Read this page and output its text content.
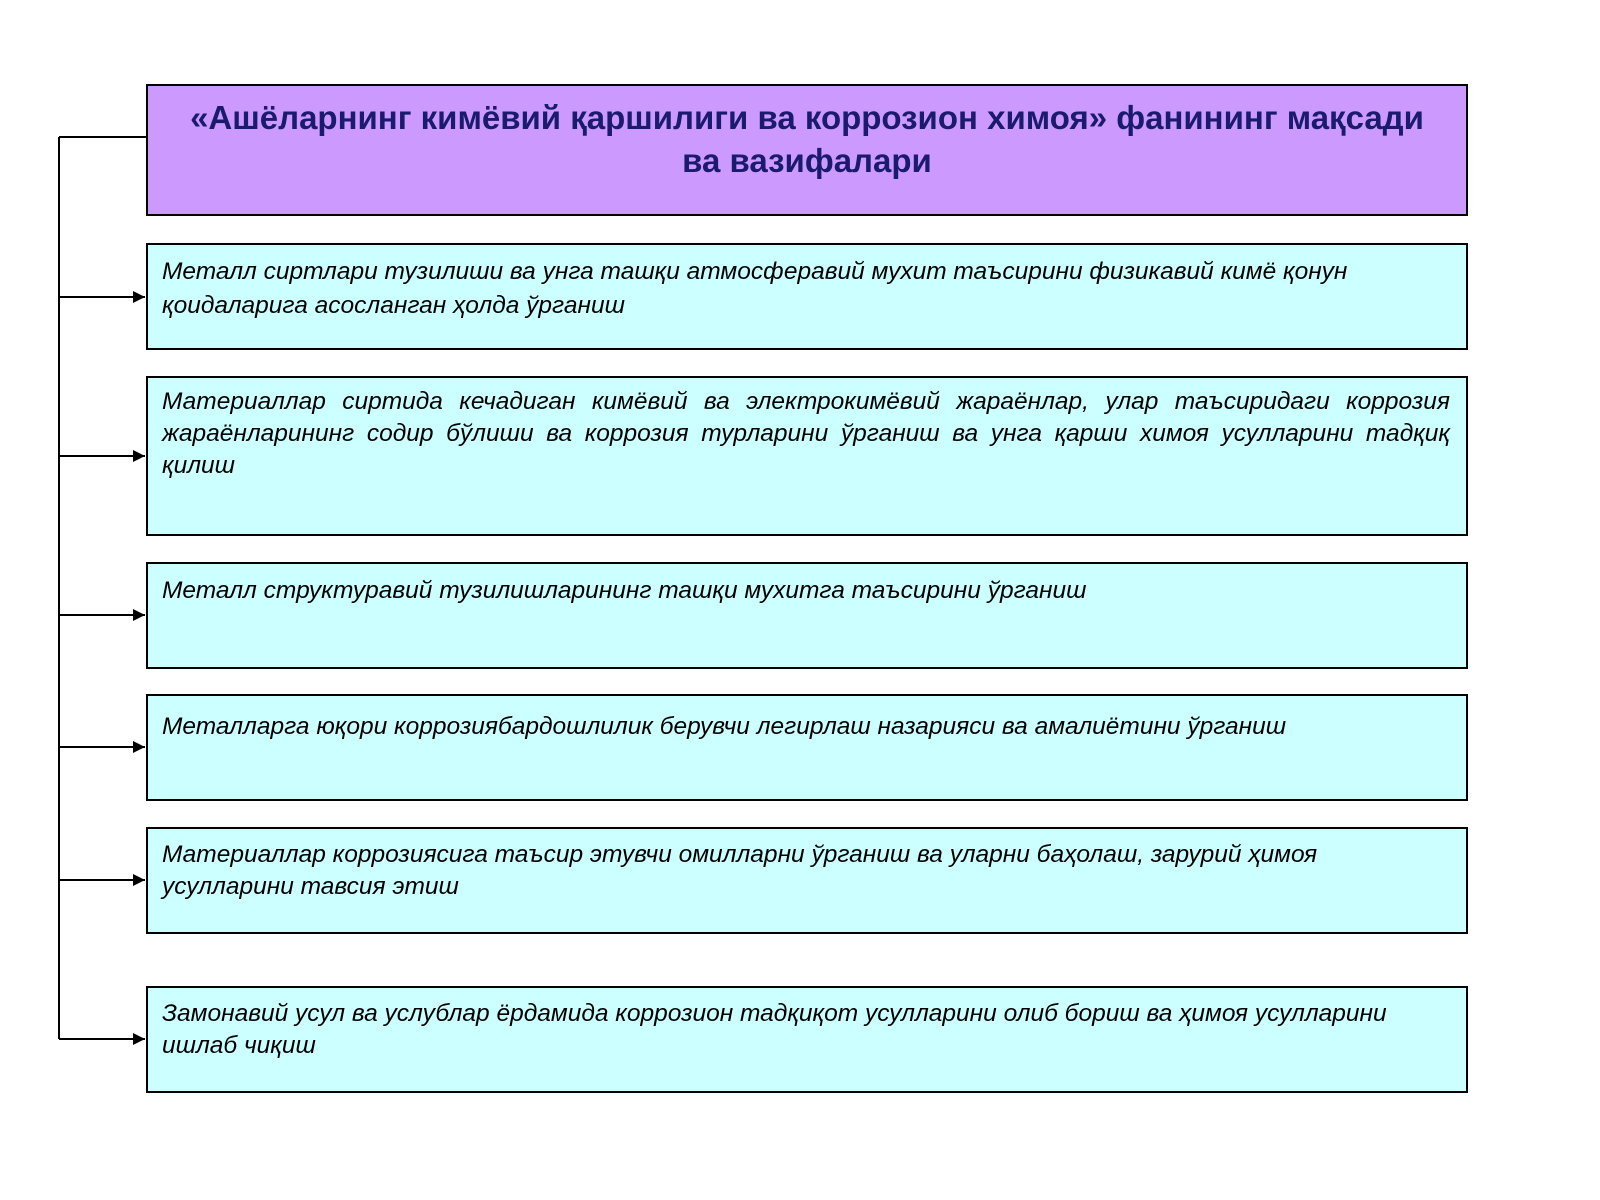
«Ашёларнинг кимёвий қаршилиги ва коррозион химоя» фанининг мақсади ва вазифалари
Металл сиртлари тузилиши ва унга ташқи атмосферавий мухит таъсирини физикавий кимё қонун қоидаларига асосланган ҳолда ўрганиш
Материаллар сиртида кечадиган кимёвий ва электрокимёвий жараёнлар, улар таъсиридаги коррозия жараёнларининг содир бўлиши ва коррозия турларини ўрганиш ва унга қарши химоя усулларини тадқиқ қилиш
Металл структуравий тузилишларининг ташқи мухитга таъсирини ўрганиш
Металларга юқори коррозиябардошлилик берувчи легирлаш назарияси ва амалиётини ўрганиш
Материаллар коррозиясига таъсир этувчи омилларни ўрганиш ва уларни баҳолаш, зарурий ҳимоя усулларини тавсия этиш
Замонавий усул ва услублар ёрдамида коррозион тадқиқот усулларини олиб бориш ва ҳимоя усулларини ишлаб чиқиш
